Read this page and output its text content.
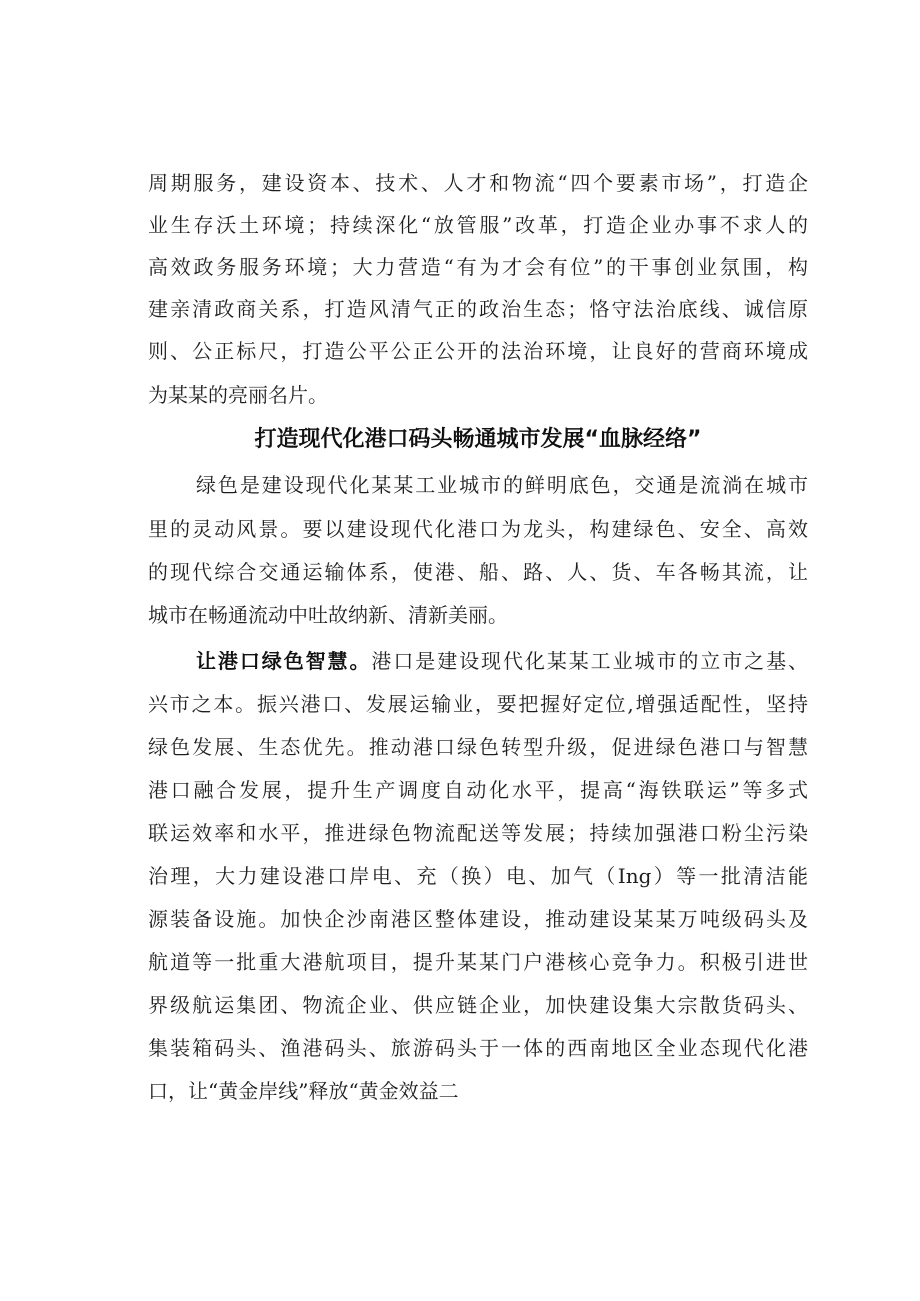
周期服务，建设资本、技术、人才和物流“四个要素市场”，打造企
业生存沃土环境；持续深化“放管服”改革，打造企业办事不求人的
高效政务服务环境；大力营造“有为才会有位”的干事创业氛围，构
建亲清政商关系，打造风清气正的政治生态；恪守法治底线、诚信原
则、公正标尺，打造公平公正公开的法治环境，让良好的营商环境成
为某某的亮丽名片。
打造现代化港口码头畅通城市发展“血脉经络”
绿色是建设现代化某某工业城市的鲜明底色，交通是流淌在城市
里的灵动风景。要以建设现代化港口为龙头，构建绿色、安全、高效
的现代综合交通运输体系，使港、船、路、人、货、车各畅其流，让
城市在畅通流动中吐故纳新、清新美丽。
让港口绿色智慧。港口是建设现代化某某工业城市的立市之基、
兴市之本。振兴港口、发展运输业，要把握好定位,增强适配性，坚持
绿色发展、生态优先。推动港口绿色转型升级，促进绿色港口与智慧
港口融合发展，提升生产调度自动化水平，提高“海铁联运”等多式
联运效率和水平，推进绿色物流配送等发展；持续加强港口粉尘污染
治理，大力建设港口岸电、充（换）电、加气（Ing）等一批清洁能
源装备设施。加快企沙南港区整体建设，推动建设某某万吨级码头及
航道等一批重大港航项目，提升某某门户港核心竞争力。积极引进世
界级航运集团、物流企业、供应链企业，加快建设集大宗散货码头、
集装箱码头、渔港码头、旅游码头于一体的西南地区全业态现代化港
口，让“黄金岸线”释放“黄金效益二
